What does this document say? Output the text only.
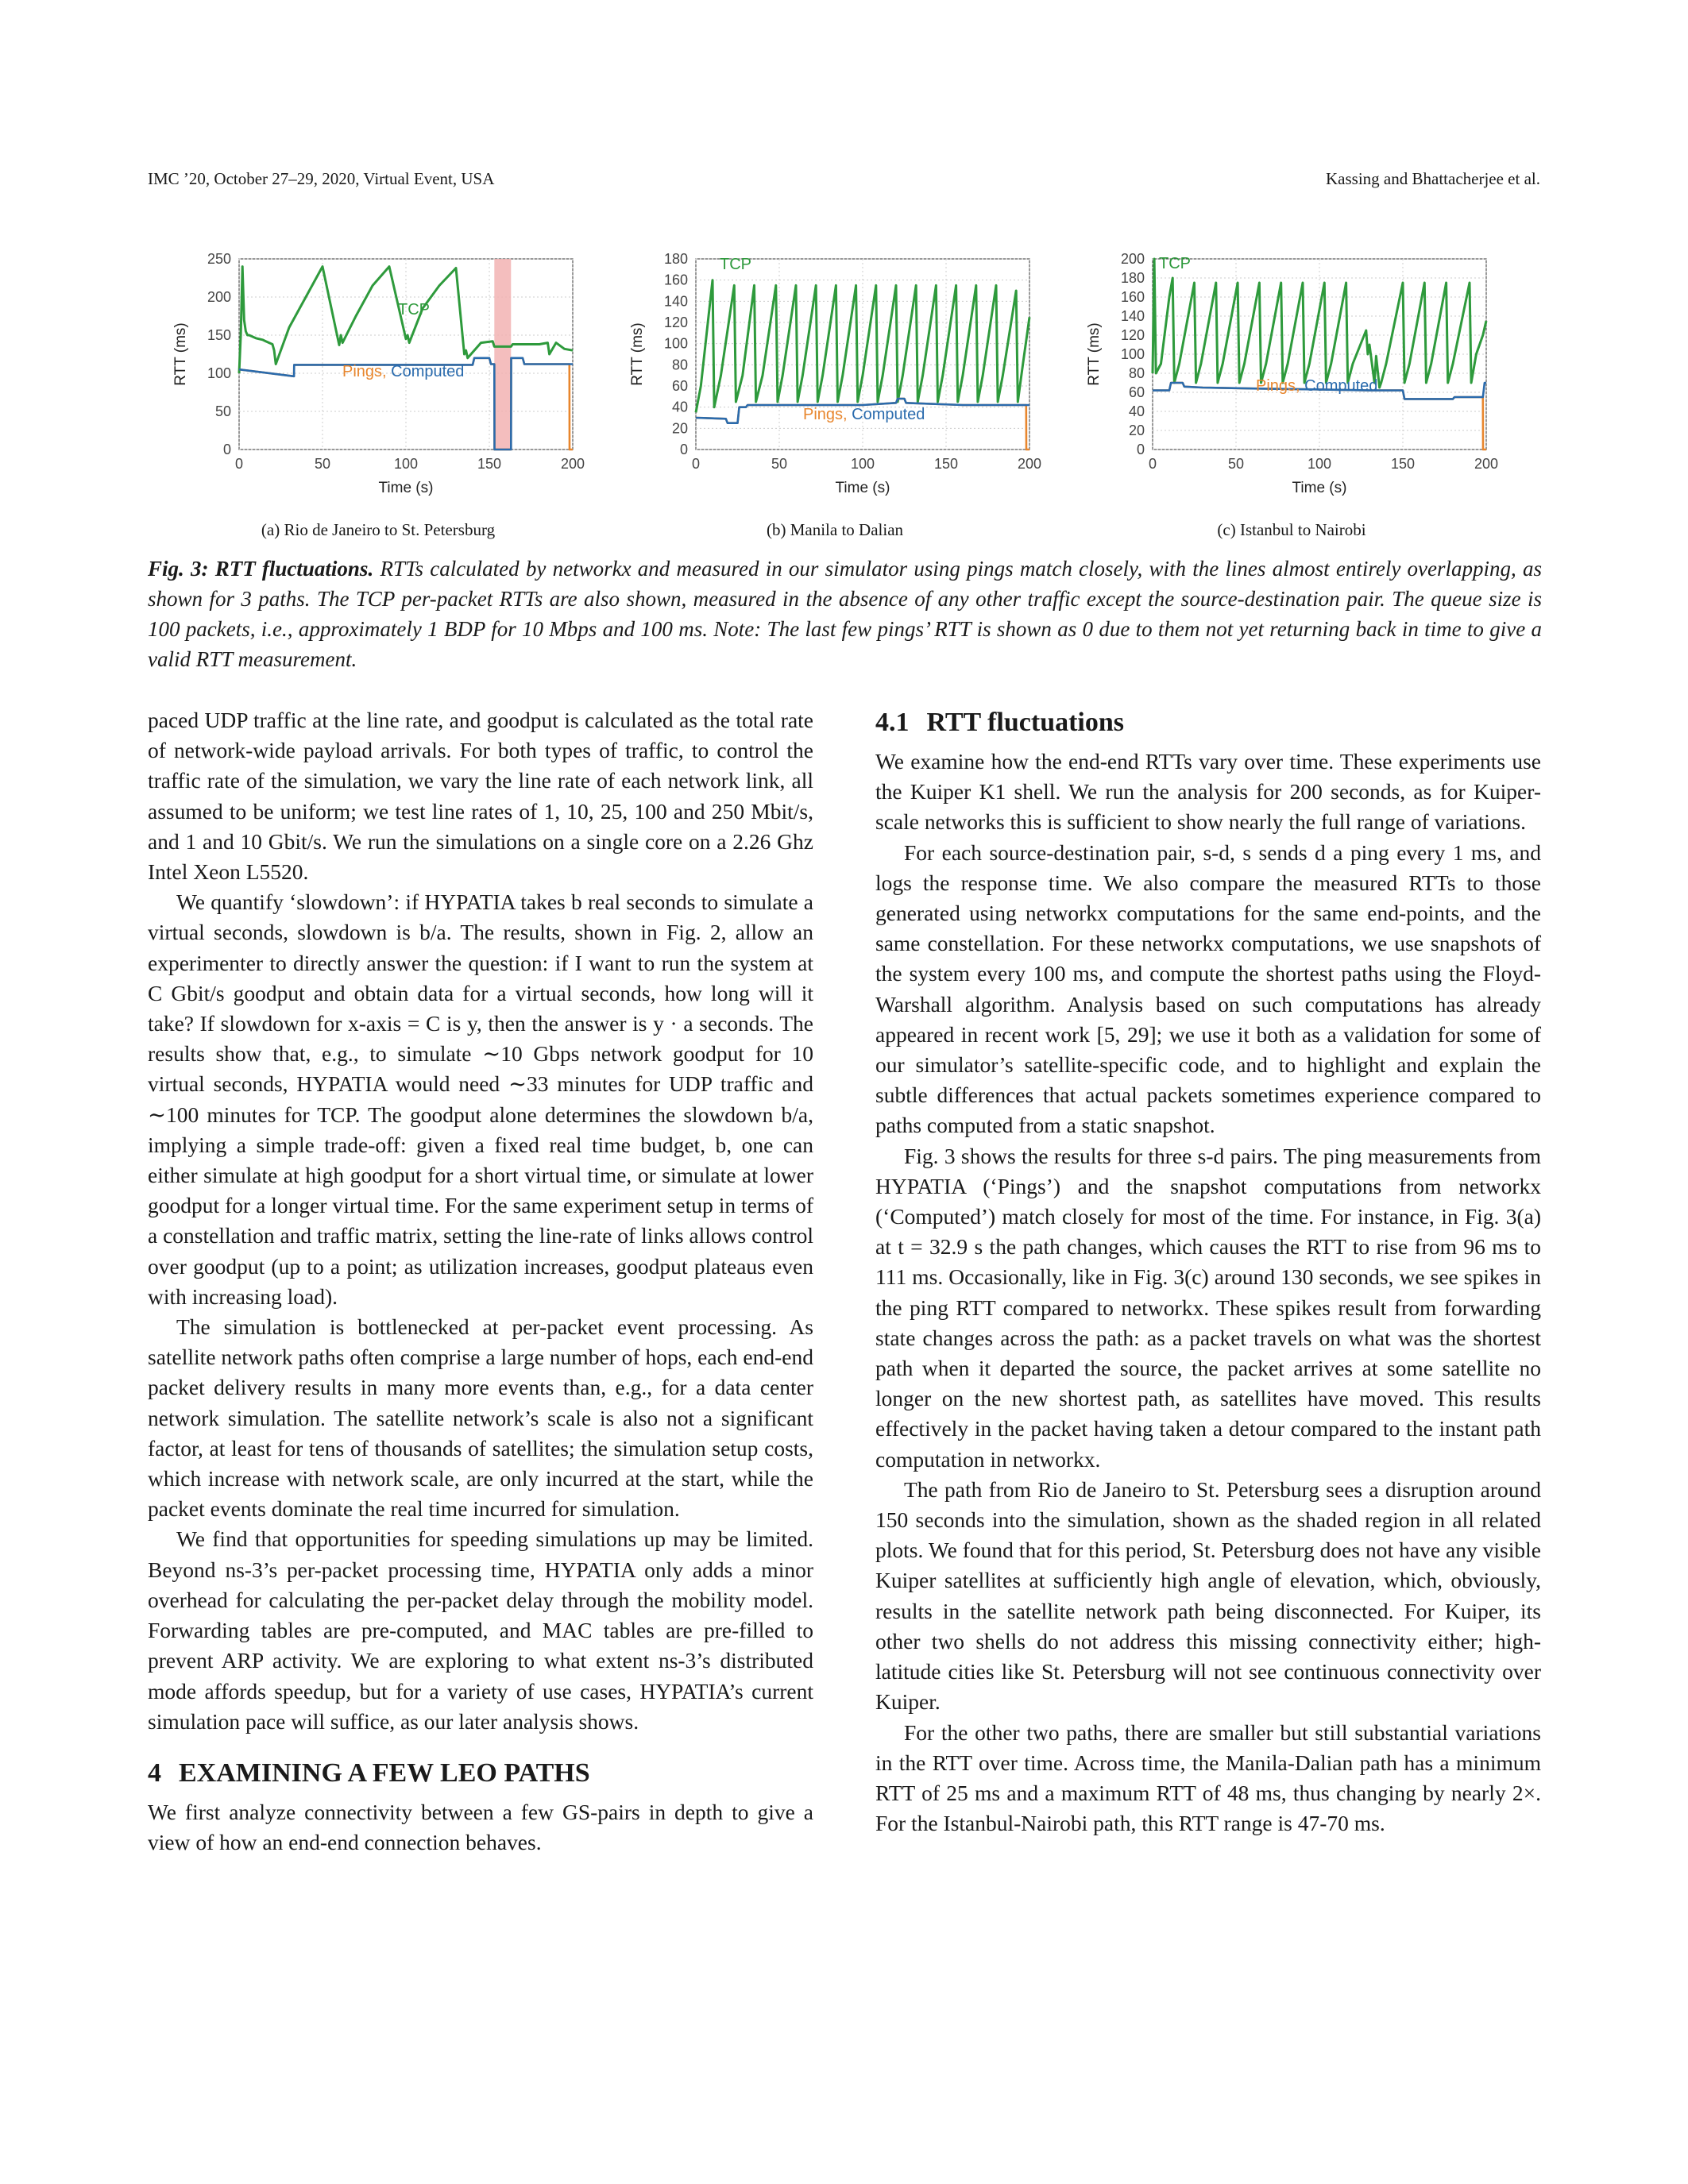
IMC ’20, October 27–29, 2020, Virtual Event, USA	Kassing and Bhattacherjee et al.
0
50
100
150
200
250
0	50	100	150	200
Time (s)
RTT (ms)
TCP
Pings, Computed
0
20
40
60
80
100
120
140
160
180
0	50	100	150	200
Time (s)
RTT (ms)
TCP
Pings, Computed
0
20
40
60
80
100
120
140
160
180
200
0	50	100	150	200
Time (s)
RTT (ms)
TCP
Pings, Computed
(a) Rio de Janeiro to St. Petersburg	(b) Manila to Dalian	(c) Istanbul to Nairobi
Fig. 3: RTT fluctuations. RTTs calculated by networkx and measured in our simulator using pings match closely, with the lines almost entirely overlapping, as shown for 3 paths. The TCP per-packet RTTs are also shown, measured in the absence of any other traffic except the source-destination pair. The queue size is 100 packets, i.e., approximately 1 BDP for 10 Mbps and 100 ms. Note: The last few pings’ RTT is shown as 0 due to them not yet returning back in time to give a valid RTT measurement.

paced UDP traffic at the line rate, and goodput is calculated as the total rate of network-wide payload arrivals. For both types of traffic, to control the traffic rate of the simulation, we vary the line rate of each network link, all assumed to be uniform; we test line rates of 1, 10, 25, 100 and 250 Mbit/s, and 1 and 10 Gbit/s. We run the simulations on a single core on a 2.26 Ghz Intel Xeon L5520.

We quantify ‘slowdown’: if HYPATIA takes b real seconds to simulate a virtual seconds, slowdown is b/a. The results, shown in Fig. 2, allow an experimenter to directly answer the question: if I want to run the system at C Gbit/s goodput and obtain data for a virtual seconds, how long will it take? If slowdown for x-axis = C is y, then the answer is y · a seconds. The results show that, e.g., to simulate ∼10 Gbps network goodput for 10 virtual seconds, HYPATIA would need ∼33 minutes for UDP traffic and ∼100 minutes for TCP. The goodput alone determines the slowdown b/a, implying a simple trade-off: given a fixed real time budget, b, one can either simulate at high goodput for a short virtual time, or simulate at lower goodput for a longer virtual time. For the same experiment setup in terms of a constellation and traffic matrix, setting the line-rate of links allows control over goodput (up to a point; as utilization increases, goodput plateaus even with increasing load).

The simulation is bottlenecked at per-packet event processing. As satellite network paths often comprise a large number of hops, each end-end packet delivery results in many more events than, e.g., for a data center network simulation. The satellite network’s scale is also not a significant factor, at least for tens of thousands of satellites; the simulation setup costs, which increase with network scale, are only incurred at the start, while the packet events dominate the real time incurred for simulation.

We find that opportunities for speeding simulations up may be limited. Beyond ns-3’s per-packet processing time, HYPATIA only adds a minor overhead for calculating the per-packet delay through the mobility model. Forwarding tables are pre-computed, and MAC tables are pre-filled to prevent ARP activity. We are exploring to what extent ns-3’s distributed mode affords speedup, but for a variety of use cases, HYPATIA’s current simulation pace will suffice, as our later analysis shows.

4 EXAMINING A FEW LEO PATHS

We first analyze connectivity between a few GS-pairs in depth to give a view of how an end-end connection behaves.

4.1 RTT fluctuations

We examine how the end-end RTTs vary over time. These experiments use the Kuiper K1 shell. We run the analysis for 200 seconds, as for Kuiper-scale networks this is sufficient to show nearly the full range of variations.

For each source-destination pair, s-d, s sends d a ping every 1 ms, and logs the response time. We also compare the measured RTTs to those generated using networkx computations for the same end-points, and the same constellation. For these networkx computations, we use snapshots of the system every 100 ms, and compute the shortest paths using the Floyd-Warshall algorithm. Analysis based on such computations has already appeared in recent work [5, 29]; we use it both as a validation for some of our simulator’s satellite-specific code, and to highlight and explain the subtle differences that actual packets sometimes experience compared to paths computed from a static snapshot.

Fig. 3 shows the results for three s-d pairs. The ping measurements from HYPATIA (‘Pings’) and the snapshot computations from networkx (‘Computed’) match closely for most of the time. For instance, in Fig. 3(a) at t = 32.9 s the path changes, which causes the RTT to rise from 96 ms to 111 ms. Occasionally, like in Fig. 3(c) around 130 seconds, we see spikes in the ping RTT compared to networkx. These spikes result from forwarding state changes across the path: as a packet travels on what was the shortest path when it departed the source, the packet arrives at some satellite no longer on the new shortest path, as satellites have moved. This results effectively in the packet having taken a detour compared to the instant path computation in networkx.

The path from Rio de Janeiro to St. Petersburg sees a disruption around 150 seconds into the simulation, shown as the shaded region in all related plots. We found that for this period, St. Petersburg does not have any visible Kuiper satellites at sufficiently high angle of elevation, which, obviously, results in the satellite network path being disconnected. For Kuiper, its other two shells do not address this missing connectivity either; high-latitude cities like St. Petersburg will not see continuous connectivity over Kuiper.

For the other two paths, there are smaller but still substantial variations in the RTT over time. Across time, the Manila-Dalian path has a minimum RTT of 25 ms and a maximum RTT of 48 ms, thus changing by nearly 2×. For the Istanbul-Nairobi path, this RTT range is 47-70 ms.
